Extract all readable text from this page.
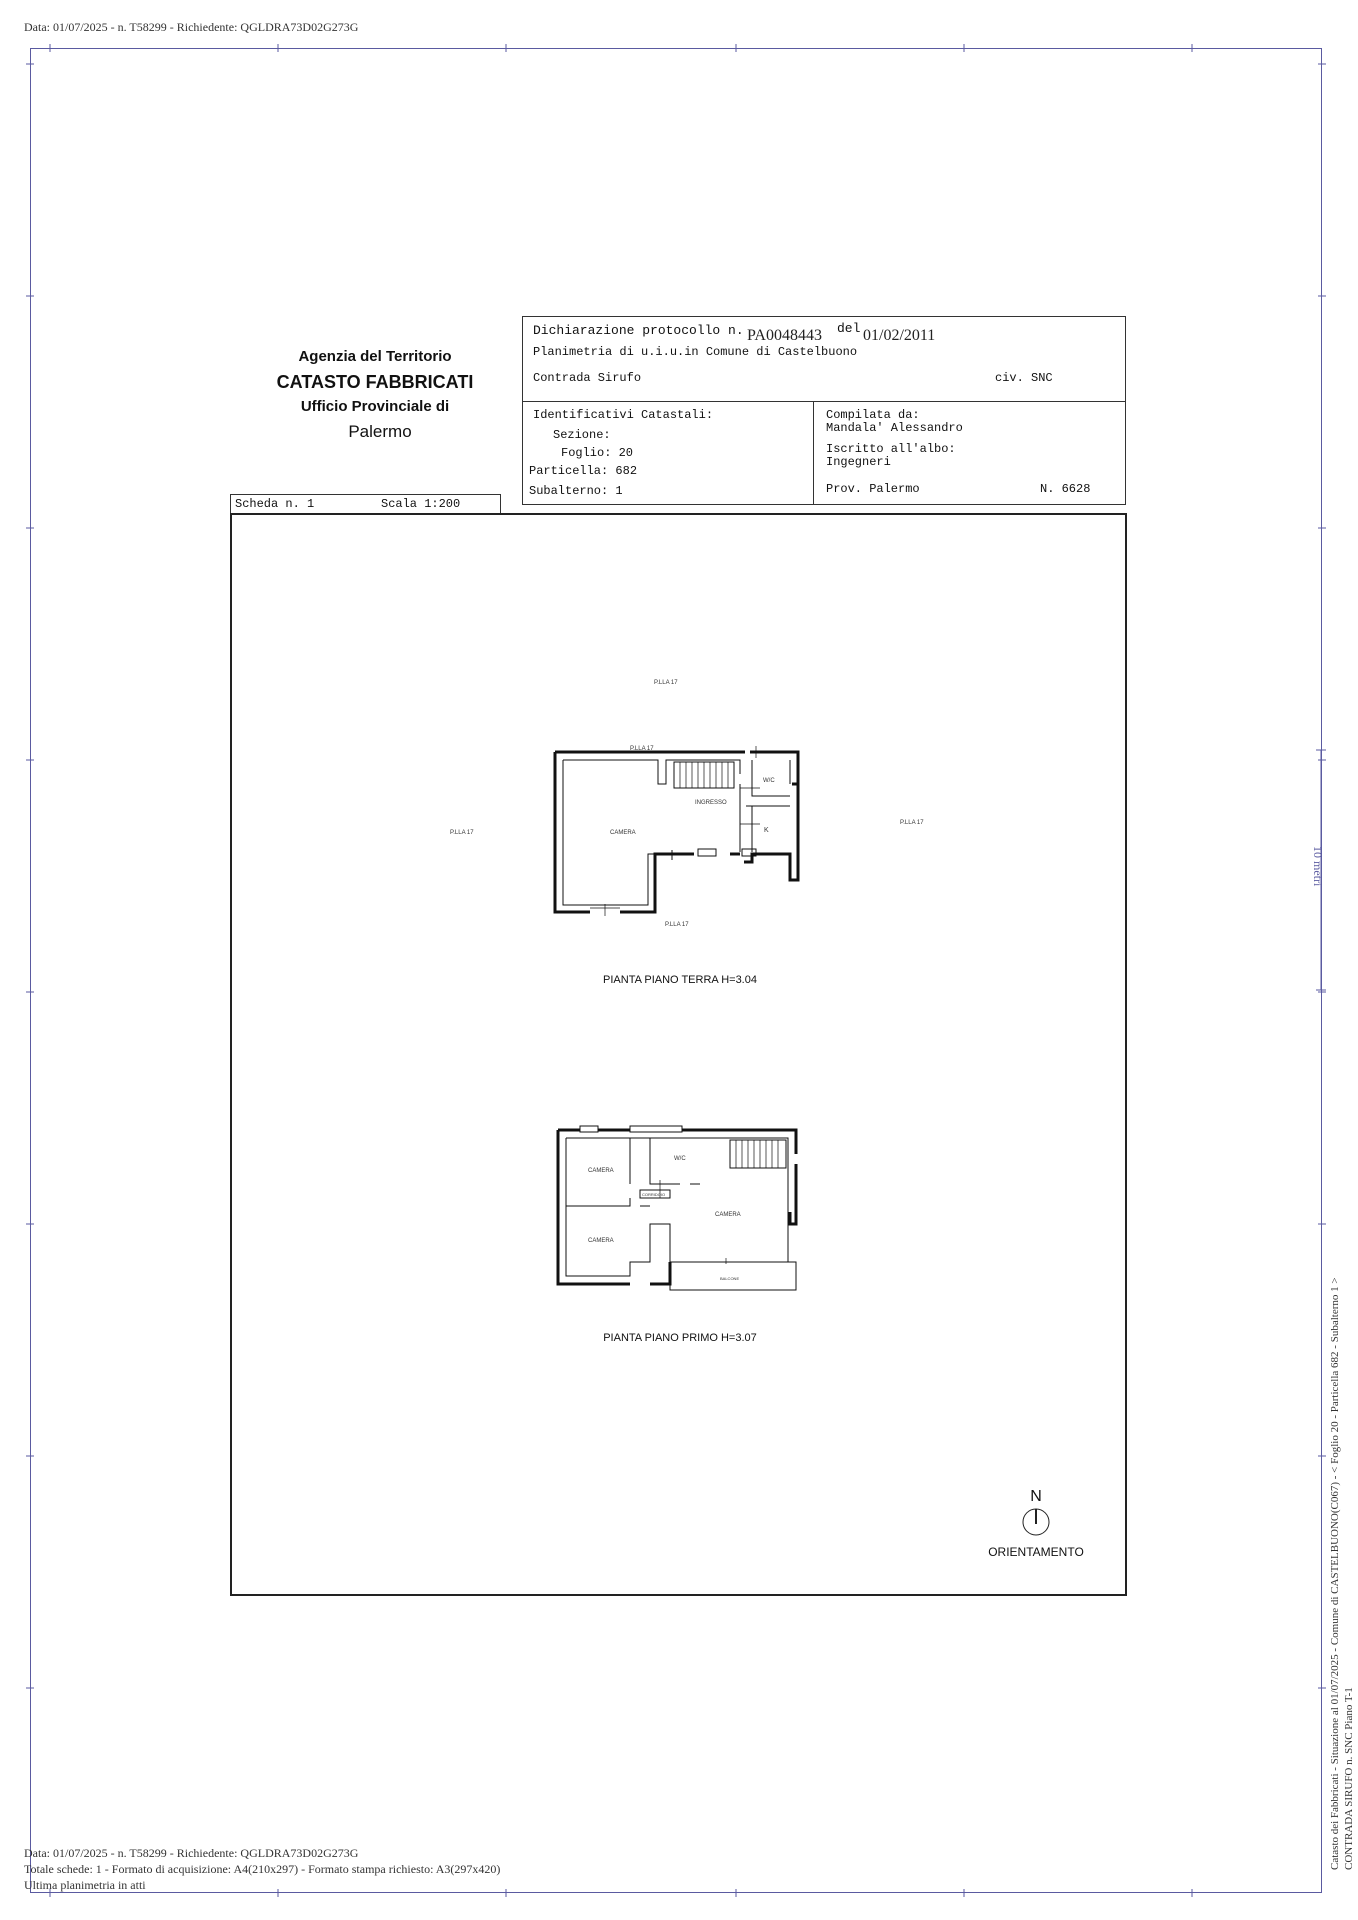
Data: 01/07/2025 - n. T58299 - Richiedente: QGLDRA73D02G273G
Agenzia del Territorio
CATASTO FABBRICATI
Ufficio Provinciale di
Palermo
Dichiarazione protocollo n. PA0048443 del 01/02/2011
Planimetria di u.i.u.in Comune di Castelbuono
Contrada Sirufo	civ. SNC
Identificativi Catastali:
Sezione:
Foglio: 20
Particella: 682
Subalterno: 1
Compilata da:
Mandala' Alessandro
Iscritto all'albo:
Ingegneri
Prov. Palermo	N. 6628
Scheda n. 1	Scala 1:200
P.LLA 17
CAMERA
INGRESSO
W/C
K
P.LLA 17
P.LLA 17
P.LLA 17
P.LLA 17
PIANTA PIANO TERRA H=3.04
CAMERA
CAMERA
CAMERA
W/C
CORRIDOIO
BALCONE
PIANTA PIANO PRIMO H=3.07
N
ORIENTAMENTO
10 metri
Catasto dei Fabbricati - Situazione al 01/07/2025 - Comune di CASTELBUONO(C067) - < Foglio 20 - Particella 682 - Subalterno 1 > CONTRADA SIRUFO n. SNC Piano T-1
Data: 01/07/2025 - n. T58299 - Richiedente: QGLDRA73D02G273G
Totale schede: 1 - Formato di acquisizione: A4(210x297) - Formato stampa richiesto: A3(297x420)
Ultima planimetria in atti
